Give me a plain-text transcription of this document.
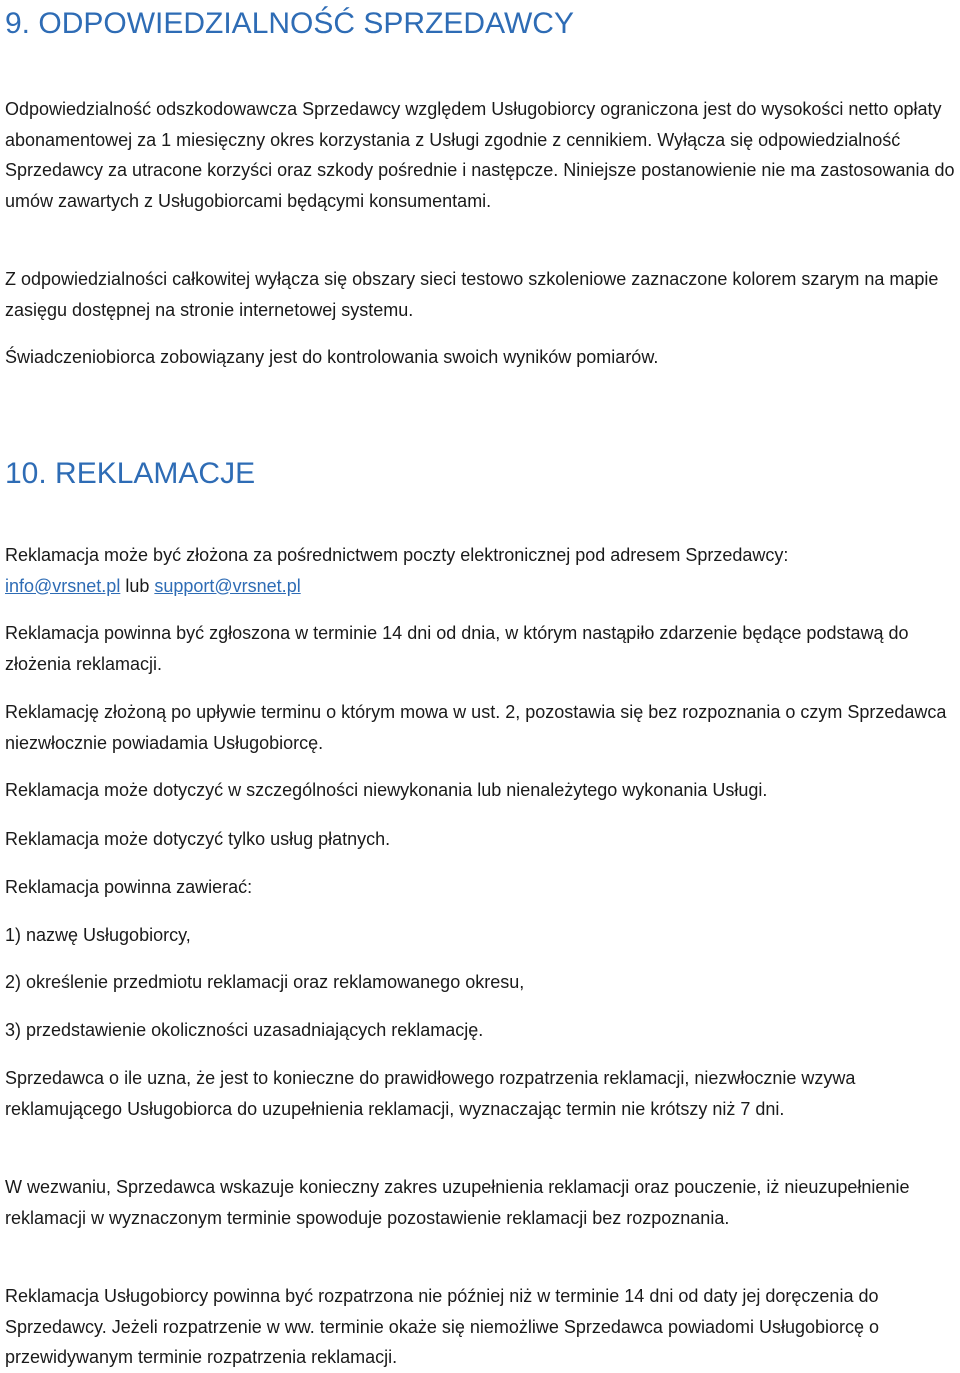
9. ODPOWIEDZIALNOŚĆ SPRZEDAWCY

Odpowiedzialność odszkodowawcza Sprzedawcy względem Usługobiorcy ograniczona jest do wysokości netto opłaty abonamentowej za 1 miesięczny okres korzystania z Usługi zgodnie z cennikiem. Wyłącza się odpowiedzialność Sprzedawcy za utracone korzyści oraz szkody pośrednie i następcze. Niniejsze postanowienie nie ma zastosowania do umów zawartych z Usługobiorcami będącymi konsumentami.

Z odpowiedzialności całkowitej wyłącza się obszary sieci testowo szkoleniowe zaznaczone kolorem szarym na mapie zasięgu dostępnej na stronie internetowej systemu.

Świadczeniobiorca zobowiązany jest do kontrolowania swoich wyników pomiarów.

10. REKLAMACJE

Reklamacja może być złożona za pośrednictwem poczty elektronicznej pod adresem Sprzedawcy:
info@vrsnet.pl lub support@vrsnet.pl

Reklamacja powinna być zgłoszona w terminie 14 dni od dnia, w którym nastąpiło zdarzenie będące podstawą do złożenia reklamacji.

Reklamację złożoną po upływie terminu o którym mowa w ust. 2, pozostawia się bez rozpoznania o czym Sprzedawca niezwłocznie powiadamia Usługobiorcę.

Reklamacja może dotyczyć w szczególności niewykonania lub nienależytego wykonania Usługi.

Reklamacja może dotyczyć tylko usług płatnych.

Reklamacja powinna zawierać:

1) nazwę Usługobiorcy,

2) określenie przedmiotu reklamacji oraz reklamowanego okresu,

3) przedstawienie okoliczności uzasadniających reklamację.

Sprzedawca o ile uzna, że jest to konieczne do prawidłowego rozpatrzenia reklamacji, niezwłocznie wzywa reklamującego Usługobiorca do uzupełnienia reklamacji, wyznaczając termin nie krótszy niż 7 dni.

W wezwaniu, Sprzedawca wskazuje konieczny zakres uzupełnienia reklamacji oraz pouczenie, iż nieuzupełnienie reklamacji w wyznaczonym terminie spowoduje pozostawienie reklamacji bez rozpoznania.

Reklamacja Usługobiorcy powinna być rozpatrzona nie później niż w terminie 14 dni od daty jej doręczenia do Sprzedawcy. Jeżeli rozpatrzenie w ww. terminie okaże się niemożliwe Sprzedawca powiadomi Usługobiorcę o przewidywanym terminie rozpatrzenia reklamacji.
